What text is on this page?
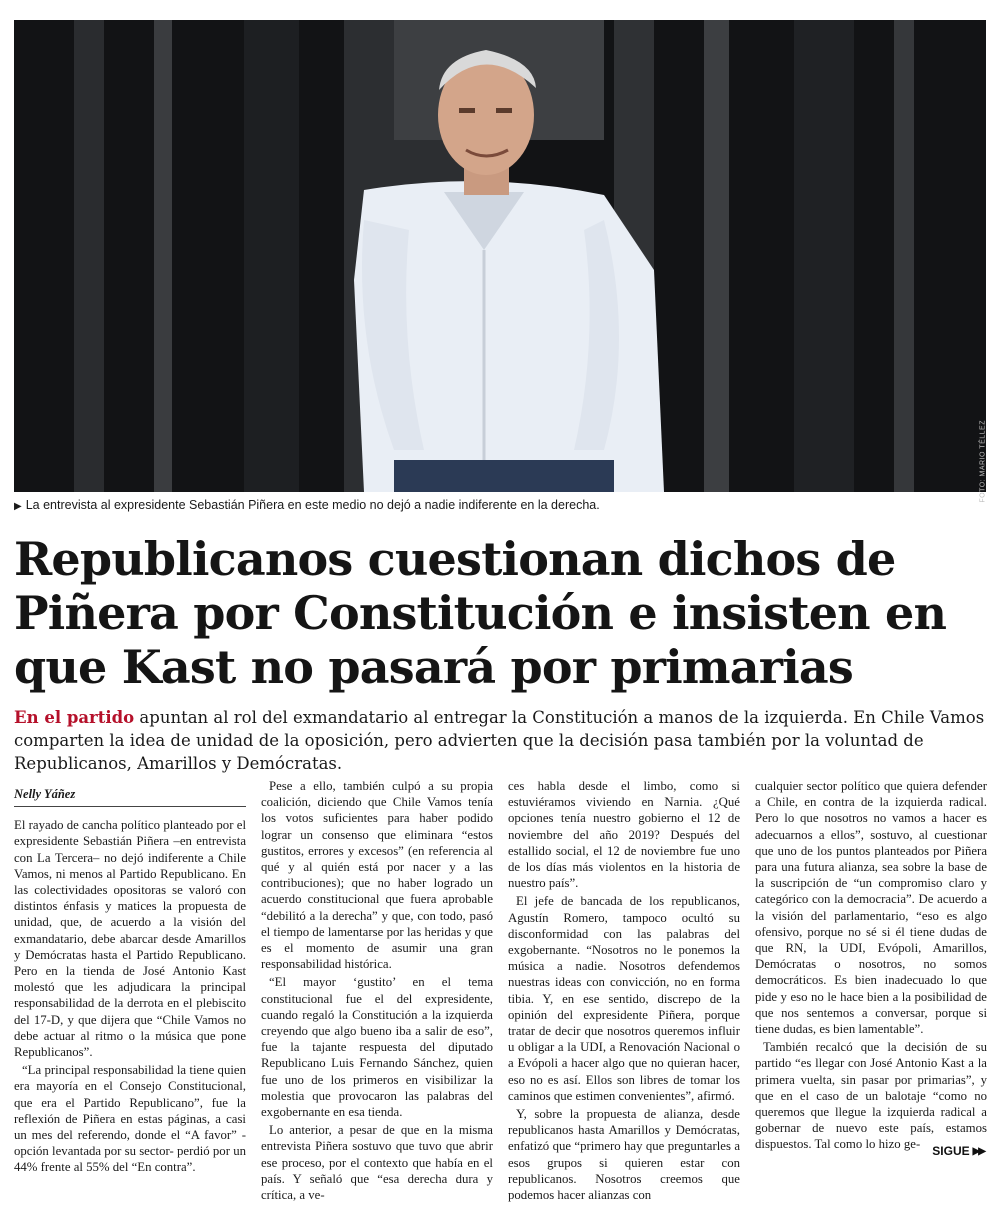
FOTO: MARIO TÉLLEZ
▶ La entrevista al expresidente Sebastián Piñera en este medio no dejó a nadie indiferente en la derecha.
Republicanos cuestionan dichos de Piñera por Constitución e insisten en que Kast no pasará por primarias
En el partido apuntan al rol del exmandatario al entregar la Constitución a manos de la izquierda. En Chile Vamos comparten la idea de unidad de la oposición, pero advierten que la decisión pasa también por la voluntad de Republicanos, Amarillos y Demócratas.
Nelly Yáñez

El rayado de cancha político planteado por el expresidente Sebastián Piñera –en entrevista con La Tercera– no dejó indiferente a Chile Vamos, ni menos al Partido Republicano. En las colectividades opositoras se valoró con distintos énfasis y matices la propuesta de unidad, que, de acuerdo a la visión del exmandatario, debe abarcar desde Amarillos y Demócratas hasta el Partido Republicano. Pero en la tienda de José Antonio Kast molestó que les adjudicara la principal responsabilidad de la derrota en el plebiscito del 17-D, y que dijera que “Chile Vamos no debe actuar al ritmo o la música que pone Republicanos”.

“La principal responsabilidad la tiene quien era mayoría en el Consejo Constitucional, que era el Partido Republicano”, fue la reflexión de Piñera en estas páginas, a casi un mes del referendo, donde el “A favor” -opción levantada por su sector- perdió por un 44% frente al 55% del “En contra”.

Pese a ello, también culpó a su propia coalición, diciendo que Chile Vamos tenía los votos suficientes para haber podido lograr un consenso que eliminara “estos gustitos, errores y excesos” (en referencia al qué y al quién está por nacer y a las contribuciones); que no haber logrado un acuerdo constitucional que fuera aprobable “debilitó a la derecha” y que, con todo, pasó el tiempo de lamentarse por las heridas y que es el momento de asumir una gran responsabilidad histórica.

“El mayor ‘gustito’ en el tema constitucional fue el del expresidente, cuando regaló la Constitución a la izquierda creyendo que algo bueno iba a salir de eso”, fue la tajante respuesta del diputado Republicano Luis Fernando Sánchez, quien fue uno de los primeros en visibilizar la molestia que provocaron las palabras del exgobernante en esa tienda.

Lo anterior, a pesar de que en la misma entrevista Piñera sostuvo que tuvo que abrir ese proceso, por el contexto que había en el país. Y señaló que “esa derecha dura y crítica, a ve-

ces habla desde el limbo, como si estuviéramos viviendo en Narnia. ¿Qué opciones tenía nuestro gobierno el 12 de noviembre del año 2019? Después del estallido social, el 12 de noviembre fue uno de los días más violentos en la historia de nuestro país”.

El jefe de bancada de los republicanos, Agustín Romero, tampoco ocultó su disconformidad con las palabras del exgobernante. “Nosotros no le ponemos la música a nadie. Nosotros defendemos nuestras ideas con convicción, no en forma tibia. Y, en ese sentido, discrepo de la opinión del expresidente Piñera, porque tratar de decir que nosotros queremos influir u obligar a la UDI, a Renovación Nacional o a Evópoli a hacer algo que no quieran hacer, eso no es así. Ellos son libres de tomar los caminos que estimen convenientes”, afirmó.

Y, sobre la propuesta de alianza, desde republicanos hasta Amarillos y Demócratas, enfatizó que “primero hay que preguntarles a esos grupos si quieren estar con republicanos. Nosotros creemos que podemos hacer alianzas con

cualquier sector político que quiera defender a Chile, en contra de la izquierda radical. Pero lo que nosotros no vamos a hacer es adecuarnos a ellos”, sostuvo, al cuestionar que uno de los puntos planteados por Piñera para una futura alianza, sea sobre la base de la suscripción de “un compromiso claro y categórico con la democracia”. De acuerdo a la visión del parlamentario, “eso es algo ofensivo, porque no sé si él tiene dudas de que RN, la UDI, Evópoli, Amarillos, Demócratas o nosotros, no somos democráticos. Es bien inadecuado lo que pide y eso no le hace bien a la posibilidad de que nos sentemos a conversar, porque si tiene dudas, es bien lamentable”.

También recalcó que la decisión de su partido “es llegar con José Antonio Kast a la primera vuelta, sin pasar por primarias”, y que en el caso de un balotaje “como no queremos que llegue la izquierda radical a gobernar de nuevo este país, estamos dispuestos. Tal como lo hizo ge-	SIGUE ▶▶
